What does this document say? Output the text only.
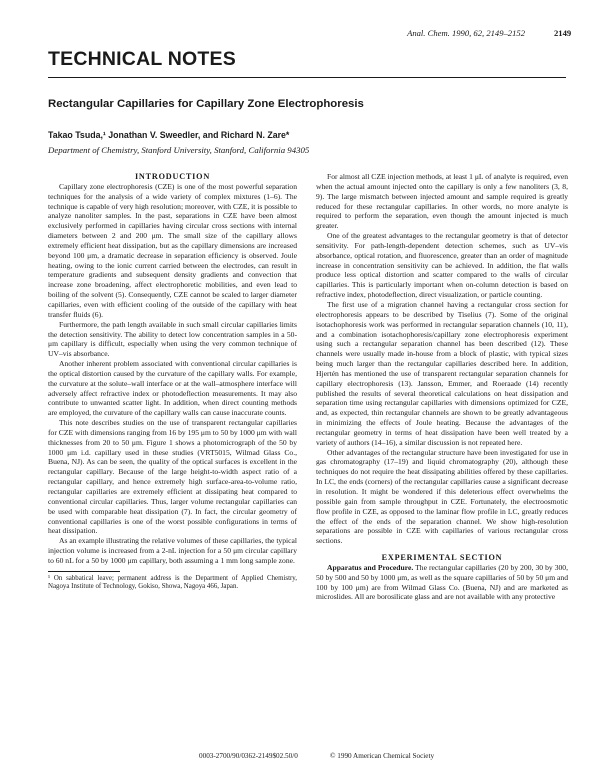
Anal. Chem. 1990, 62, 2149–2152	2149
TECHNICAL NOTES
Rectangular Capillaries for Capillary Zone Electrophoresis
Takao Tsuda,¹ Jonathan V. Sweedler, and Richard N. Zare*
Department of Chemistry, Stanford University, Stanford, California 94305

INTRODUCTION

Capillary zone electrophoresis (CZE) is one of the most powerful separation techniques for the analysis of a wide variety of complex mixtures (1–6). The technique is capable of very high resolution; moreover, with CZE, it is possible to analyze nanoliter samples. In the past, separations in CZE have been almost exclusively performed in capillaries having circular cross sections with internal diameters between 2 and 200 μm. The small size of the capillary allows extremely efficient heat dissipation, but as the capillary dimensions are increased beyond 100 μm, a dramatic decrease in separation efficiency is observed. Joule heating, owing to the ionic current carried between the electrodes, can result in temperature gradients and subsequent density gradients and convection that increase zone broadening, affect electrophoretic mobilities, and even lead to boiling of the solvent (5). Consequently, CZE cannot be scaled to larger diameter capillaries, even with efficient cooling of the outside of the capillary with heat transfer fluids (6).

Furthermore, the path length available in such small circular capillaries limits the detection sensitivity. The ability to detect low concentration samples in a 50-μm capillary is difficult, especially when using the very common technique of UV–vis absorbance.

Another inherent problem associated with conventional circular capillaries is the optical distortion caused by the curvature of the capillary walls. For example, the curvature at the solute–wall interface or at the wall–atmosphere interface will adversely affect refractive index or photodeflection measurements. It may also contribute to unwanted scatter light. In addition, when direct counting methods are employed, the curvature of the capillary walls can cause inaccurate counts.

This note describes studies on the use of transparent rectangular capillaries for CZE with dimensions ranging from 16 by 195 μm to 50 by 1000 μm with wall thicknesses from 20 to 50 μm. Figure 1 shows a photomicrograph of the 50 by 1000 μm i.d. capillary used in these studies (VRT5015, Wilmad Glass Co., Buena, NJ). As can be seen, the quality of the optical surfaces is excellent in the rectangular capillary. Because of the large height-to-width aspect ratio of a rectangular capillary, and hence extremely high surface-area-to-volume ratio, rectangular capillaries are extremely efficient at dissipating heat compared to conventional circular capillaries. Thus, larger volume rectangular capillaries can be used with comparable heat dissipation (7). In fact, the circular geometry of conventional capillaries is one of the worst possible configurations in terms of heat dissipation.

As an example illustrating the relative volumes of these capillaries, the typical injection volume is increased from a 2-nL injection for a 50 μm circular capillary to 60 nL for a 50 by 1000 μm capillary, both assuming a 1 mm long sample zone.

¹ On sabbatical leave; permanent address is the Department of Applied Chemistry, Nagoya Institute of Technology, Gokiso, Showa, Nagoya 466, Japan.

For almost all CZE injection methods, at least 1 μL of analyte is required, even when the actual amount injected onto the capillary is only a few nanoliters (3, 8, 9). The large mismatch between injected amount and sample required is greatly reduced for these rectangular capillaries. In other words, no more analyte is required to perform the separation, even though the amount injected is much greater.

One of the greatest advantages to the rectangular geometry is that of detector sensitivity. For path-length-dependent detection schemes, such as UV–vis absorbance, optical rotation, and fluorescence, greater than an order of magnitude increase in concentration sensitivity can be achieved. In addition, the flat walls produce less optical distortion and scatter compared to the walls of circular capillaries. This is particularly important when on-column detection is based on refractive index, photodeflection, direct visualization, or particle counting.

The first use of a migration channel having a rectangular cross section for electrophoresis appears to be described by Tiselius (7). Some of the original isotachophoresis work was performed in rectangular separation channels (10, 11), and a combination isotachophoresis/capillary zone electrophoresis experiment using such a rectangular separation channel has been described (12). These channels were usually made in-house from a block of plastic, with typical sizes being much larger than the rectangular capillaries described here. In addition, Hjertén has mentioned the use of transparent rectangular separation channels for capillary electrophoresis (13). Jansson, Emmer, and Roeraade (14) recently published the results of several theoretical calculations on heat dissipation and separation time using rectangular capillaries with dimensions optimized for CZE, and, as expected, thin rectangular channels are shown to be greatly advantageous in minimizing the effects of Joule heating. Because the advantages of the rectangular geometry in terms of heat dissipation have been well treated by a variety of authors (14–16), a similar discussion is not repeated here.

Other advantages of the rectangular structure have been investigated for use in gas chromatography (17–19) and liquid chromatography (20), although these techniques do not require the heat dissipating abilities offered by these capillaries. In LC, the ends (corners) of the rectangular capillaries cause a significant decrease in resolution. It might be wondered if this deleterious effect overwhelms the possible gain from sample throughput in CZE. Fortunately, the electroosmotic flow profile in CZE, as opposed to the laminar flow profile in LC, greatly reduces the effect of the ends of the separation channel. We show high-resolution separations are possible in CZE with capillaries of various rectangular cross sections.

EXPERIMENTAL SECTION

Apparatus and Procedure. The rectangular capillaries (20 by 200, 30 by 300, 50 by 500 and 50 by 1000 μm, as well as the square capillaries of 50 by 50 μm and 100 by 100 μm) are from Wilmad Glass Co. (Buena, NJ) and are marketed as microslides. All are borosilicate glass and are not available with any protective

0003-2700/90/0362-2149$02.50/0	© 1990 American Chemical Society
